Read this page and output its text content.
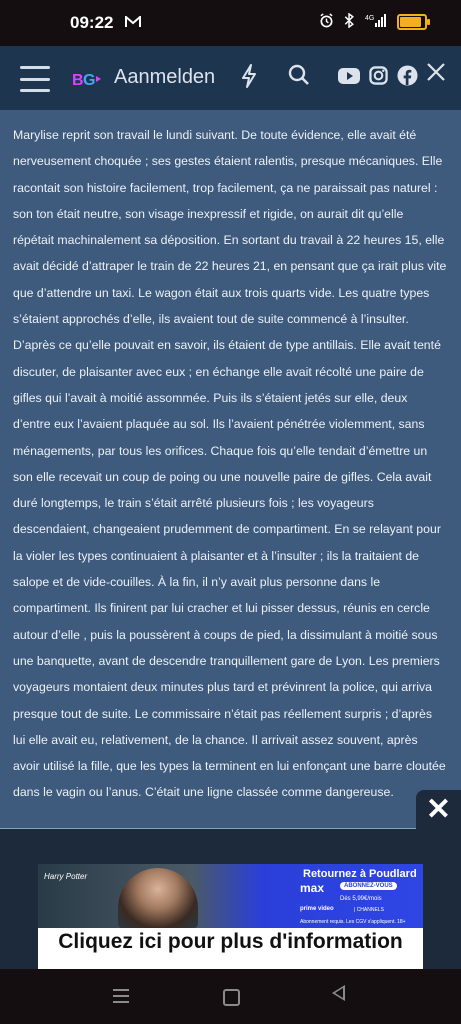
09:22	4G
B G Aanmelden

Marylise reprit son travail le lundi suivant. De toute évidence, elle avait été nerveusement choquée ; ses gestes étaient ralentis, presque mécaniques. Elle racontait son histoire facilement, trop facilement, ça ne paraissait pas naturel : son ton était neutre, son visage inexpressif et rigide, on aurait dit qu’elle répétait machinalement sa déposition. En sortant du travail à 22 heures 15, elle avait décidé d’attraper le train de 22 heures 21, en pensant que ça irait plus vite que d’attendre un taxi. Le wagon était aux trois quarts vide. Les quatre types s’étaient approchés d’elle, ils avaient tout de suite commencé à l’insulter. D’après ce qu’elle pouvait en savoir, ils étaient de type antillais. Elle avait tenté discuter, de plaisanter avec eux ; en échange elle avait récolté une paire de gifles qui l’avait à moitié assommée. Puis ils s’étaient jetés sur elle, deux d’entre eux l’avaient plaquée au sol. Ils l’avaient pénétrée violemment, sans ménagements, par tous les orifices. Chaque fois qu’elle tendait d’émettre un son elle recevait un coup de poing ou une nouvelle paire de gifles. Cela avait duré longtemps, le train s’était arrêté plusieurs fois ; les voyageurs descendaient, changeaient prudemment de compartiment. En se relayant pour la violer les types continuaient à plaisanter et à l’insulter ; ils la traitaient de salope et de vide-couilles. À la fin, il n’y avait plus personne dans le compartiment. Ils finirent par lui cracher et lui pisser dessus, réunis en cercle autour d’elle , puis la poussèrent à coups de pied, la dissimulant à moitié sous une banquette, avant de descendre tranquillement gare de Lyon. Les premiers voyageurs montaient deux minutes plus tard et prévinrent la police, qui arriva presque tout de suite. Le commissaire n’était pas réellement surpris ; d’après lui elle avait eu, relativement, de la chance. Il arrivait assez souvent, après avoir utilisé la fille, que les types la terminent en lui enfonçant une barre cloutée dans le vagin ou l’anus. C’était une ligne classée comme dangereuse.

✕
Harry Potter	Retournez à Poudlard
max	ABONNEZ-VOUS
Dès 5,99€/mois
prime video	| CHANNELS
Abonnement requis. Les CGV s'appliquent. 18+
Cliquez ici pour plus d'information
